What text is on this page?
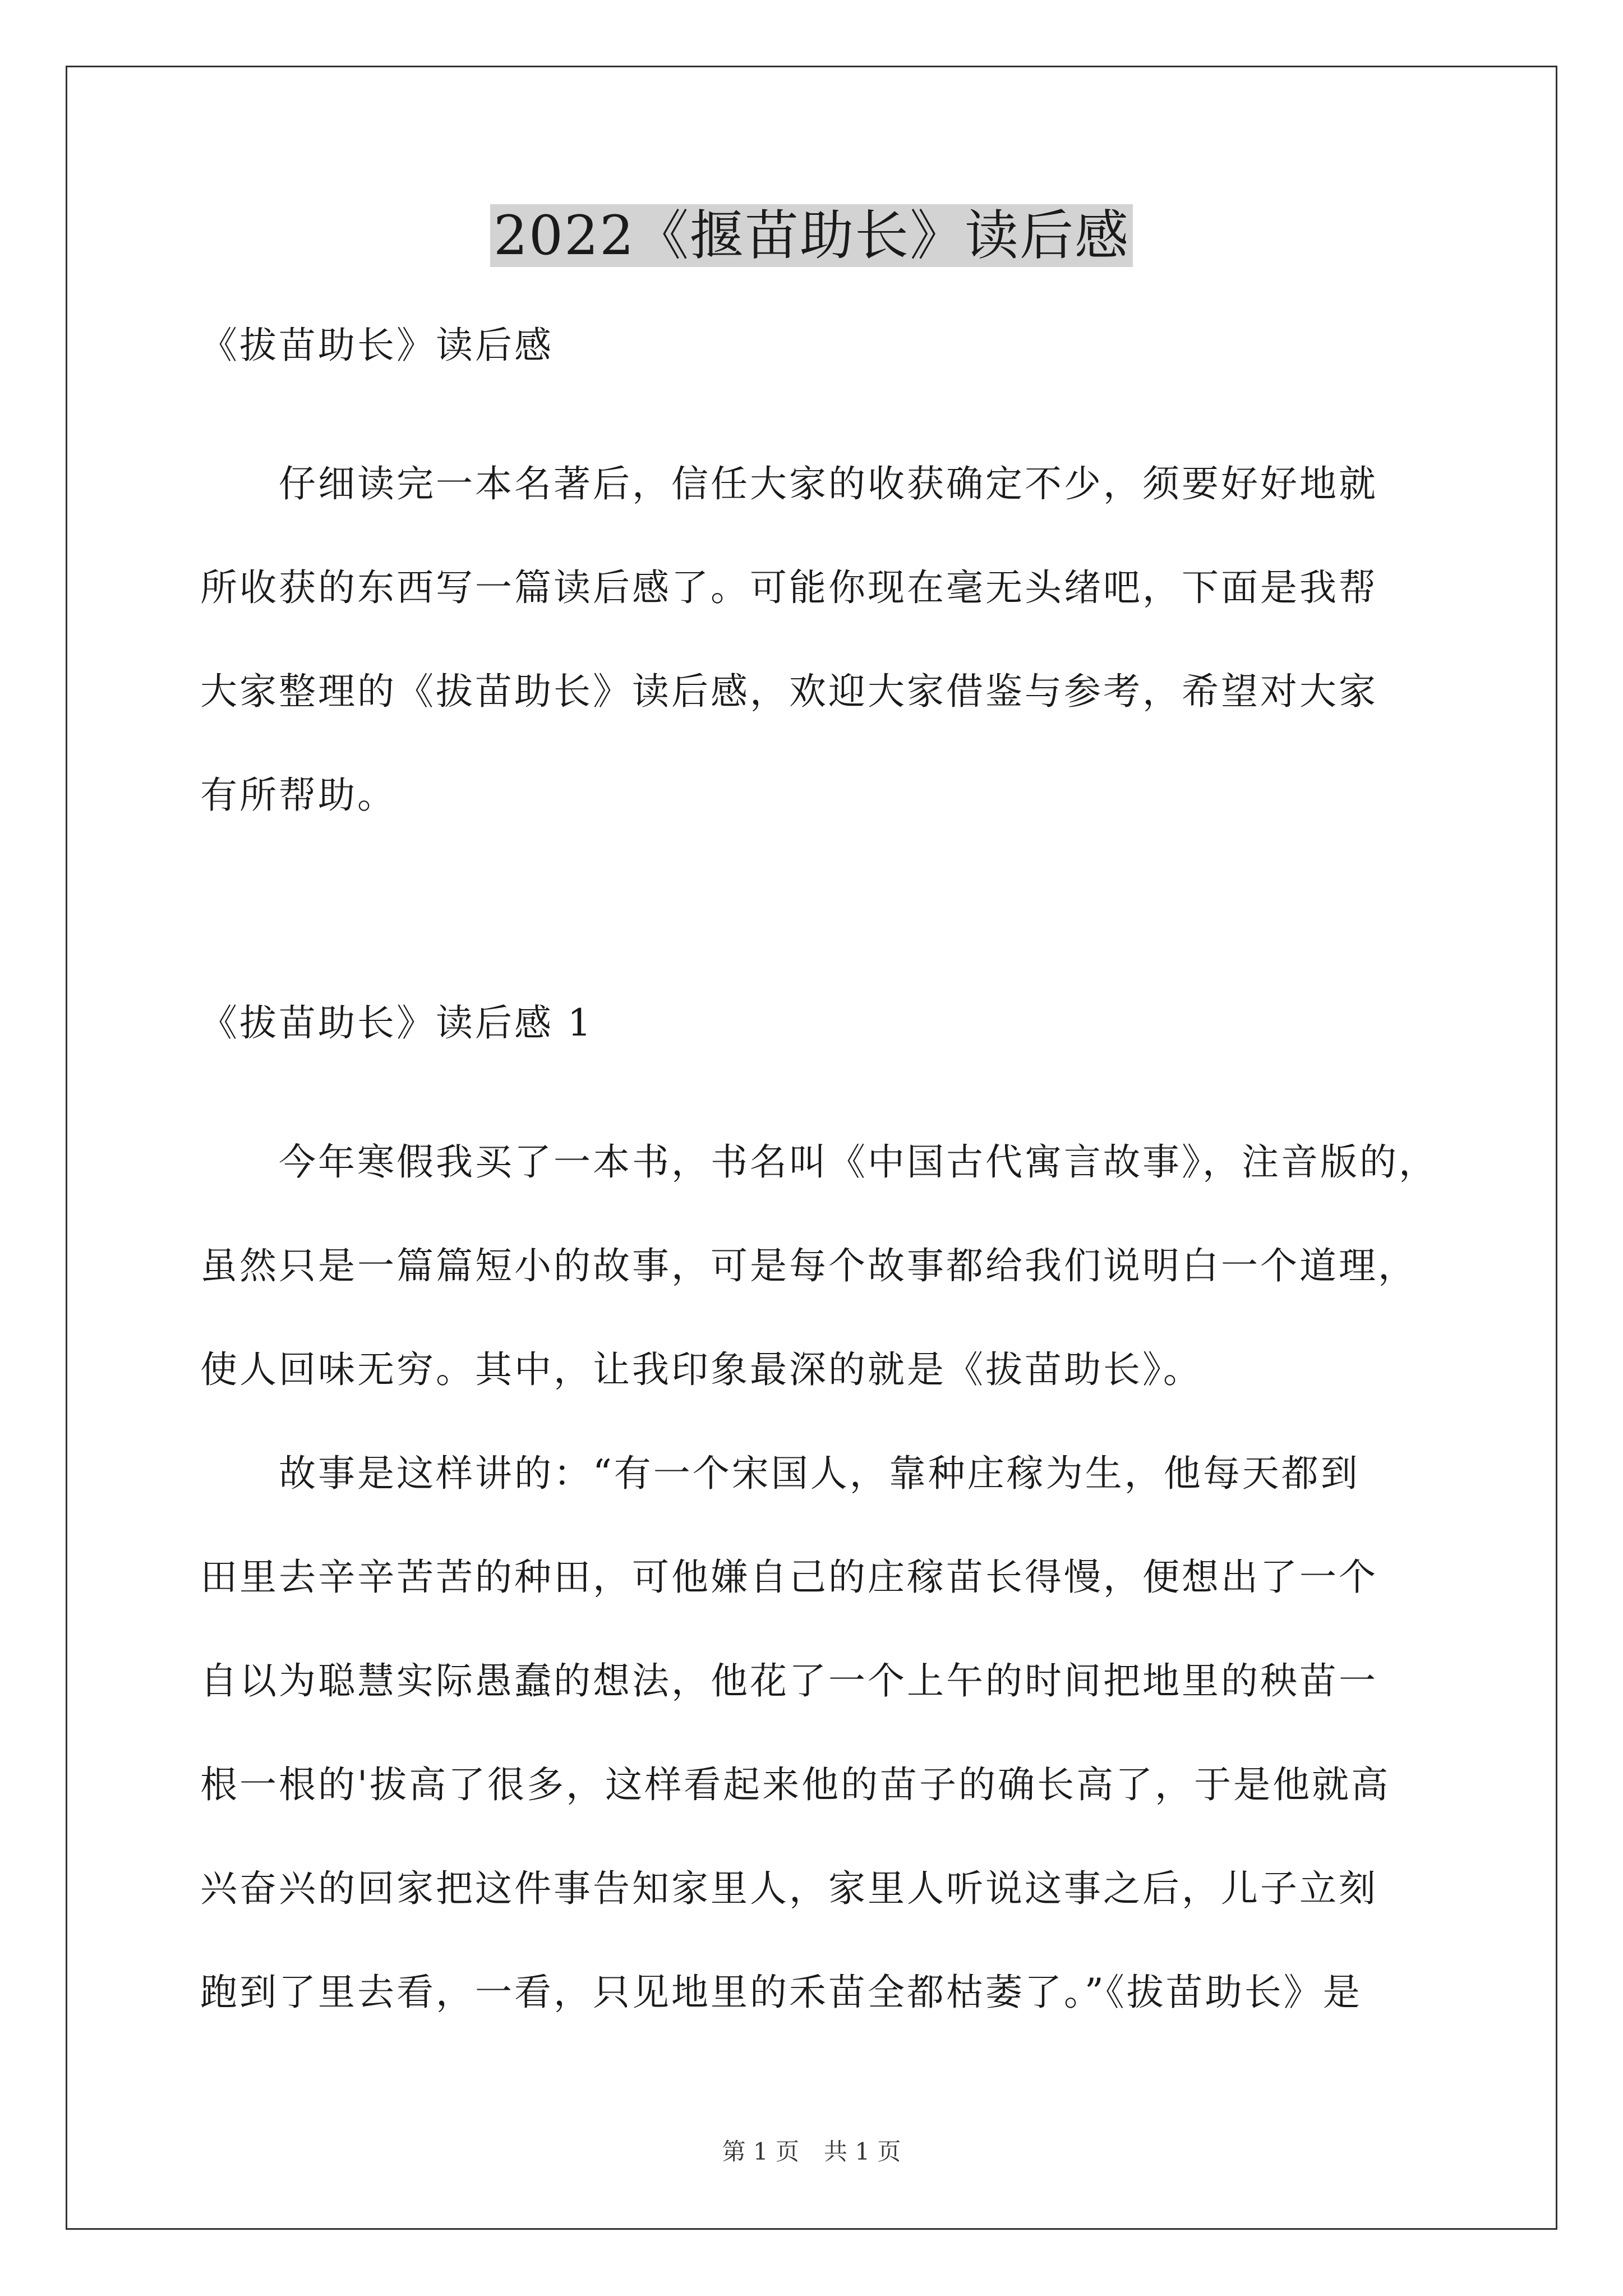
2022《揠苗助长》读后感
《拔苗助长》读后感
　　仔细读完一本名著后，信任大家的收获确定不少，须要好好地就
所收获的东西写一篇读后感了。可能你现在毫无头绪吧，下面是我帮
大家整理的《拔苗助长》读后感，欢迎大家借鉴与参考，希望对大家
有所帮助。
《拔苗助长》读后感 1
　　今年寒假我买了一本书，书名叫《中国古代寓言故事》，注音版的，
虽然只是一篇篇短小的故事，可是每个故事都给我们说明白一个道理，
使人回味无穷。其中，让我印象最深的就是《拔苗助长》。
　　故事是这样讲的：“有一个宋国人，靠种庄稼为生，他每天都到
田里去辛辛苦苦的种田，可他嫌自己的庄稼苗长得慢，便想出了一个
自以为聪慧实际愚蠢的想法，他花了一个上午的时间把地里的秧苗一
根一根的'拔高了很多，这样看起来他的苗子的确长高了，于是他就高
兴奋兴的回家把这件事告知家里人，家里人听说这事之后，儿子立刻
跑到了里去看，一看，只见地里的禾苗全都枯萎了。”《拔苗助长》是
第 1 页 共 1 页
